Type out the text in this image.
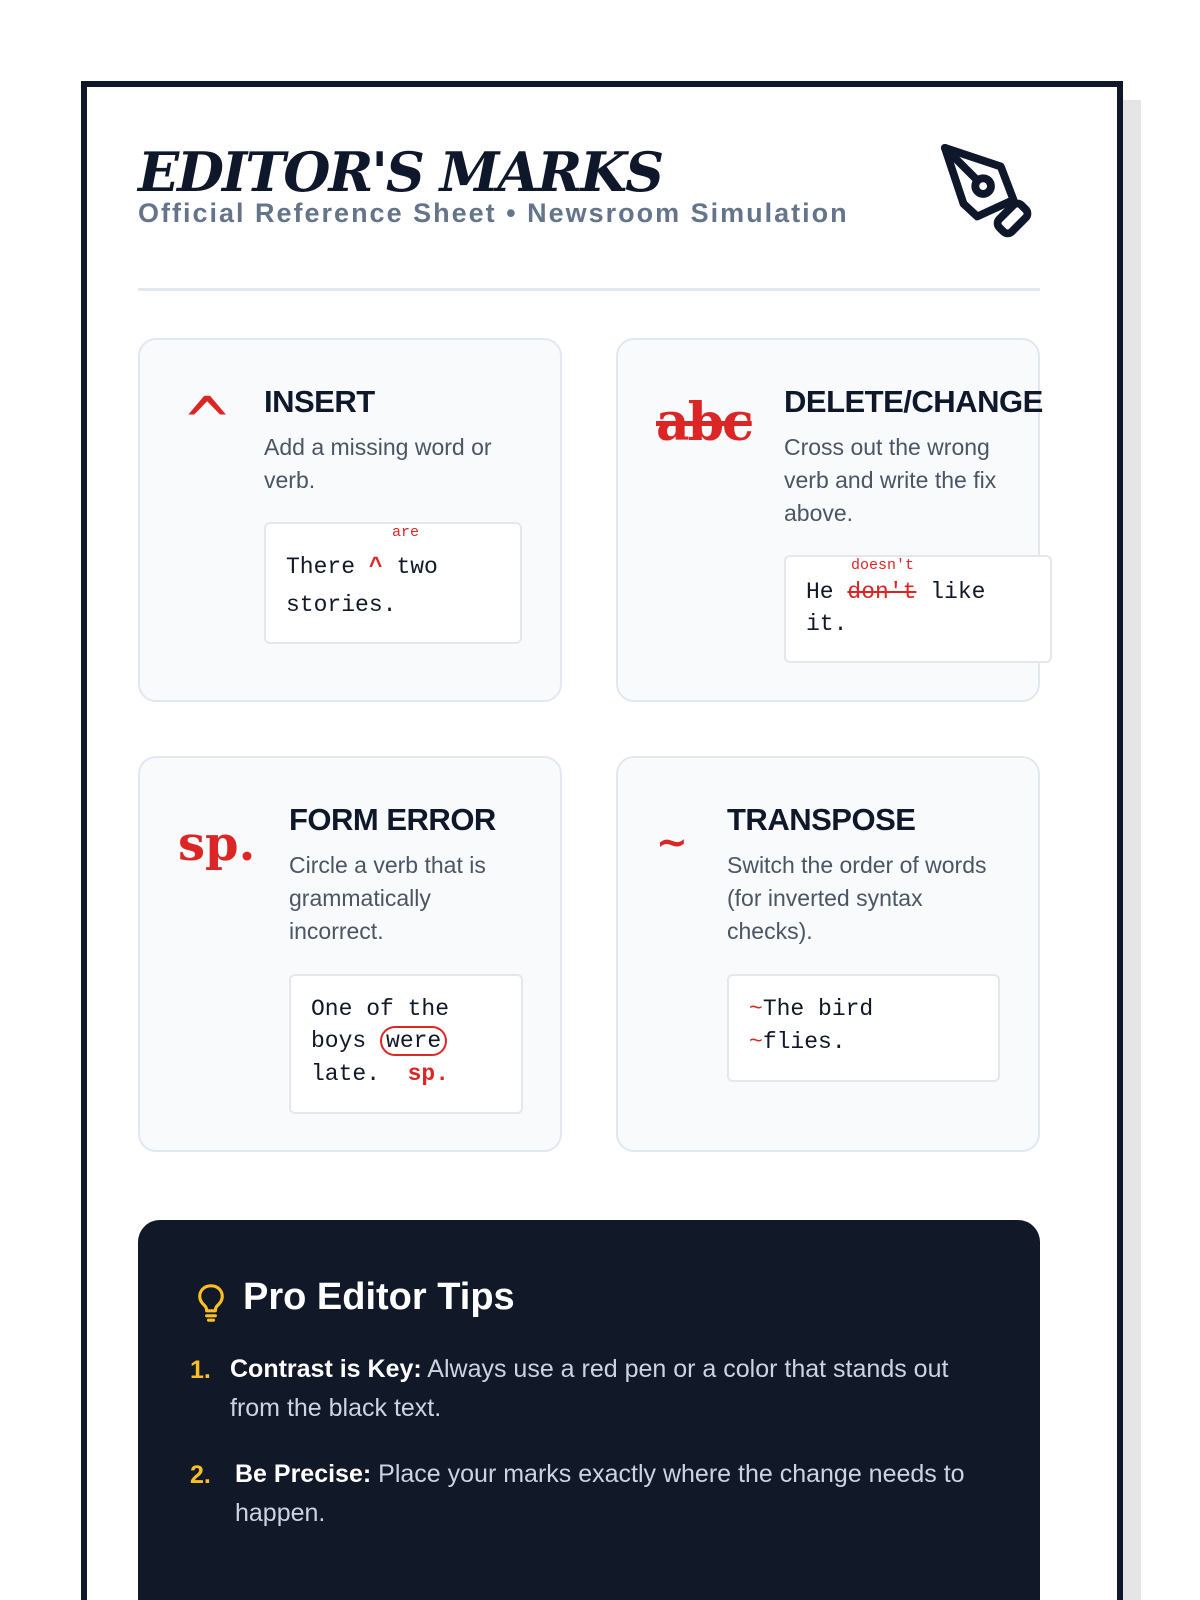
EDITOR'S MARKS
Official Reference Sheet • Newsroom Simulation
^ INSERT
Add a missing word or verb.
are
There ^ two
stories.
abc DELETE/CHANGE
Cross out the wrong verb and write the fix above.
doesn't
He don't like
it.
sp. FORM ERROR
Circle a verb that is grammatically incorrect.
One of the
boys were
late. sp.
~
TRANSPOSE
Switch the order of words (for inverted syntax checks).
~The bird
~flies.
Pro Editor Tips
1. Contrast is Key: Always use a red pen or a color that stands out from the black text.
2. Be Precise: Place your marks exactly where the change needs to happen.
